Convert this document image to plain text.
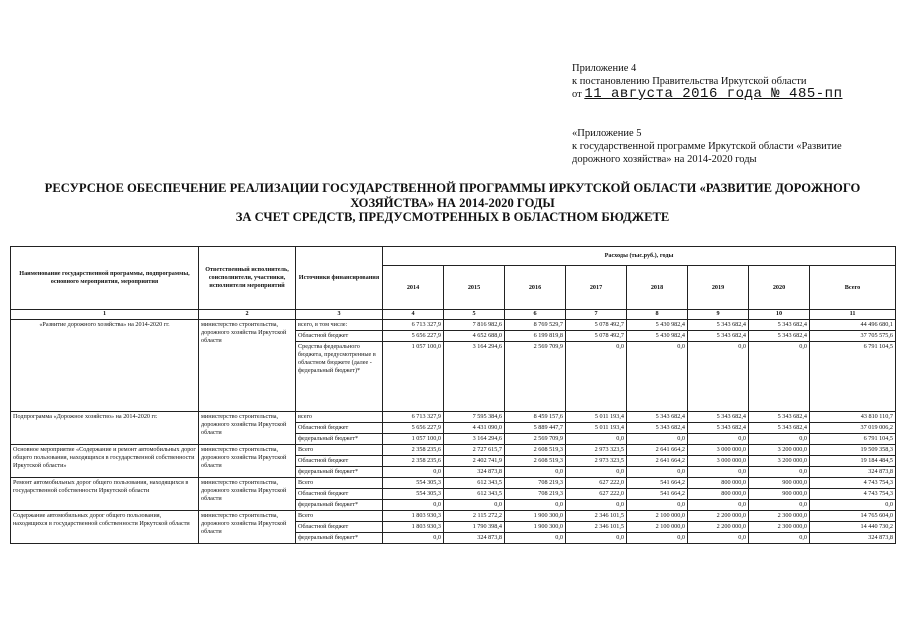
Приложение 4
к постановлению Правительства Иркутской области
от 11 августа 2016 года № 485-пп
«Приложение 5
к государственной программе Иркутской области «Развитие дорожного хозяйства» на 2014-2020 годы
РЕСУРСНОЕ ОБЕСПЕЧЕНИЕ РЕАЛИЗАЦИИ ГОСУДАРСТВЕННОЙ ПРОГРАММЫ ИРКУТСКОЙ ОБЛАСТИ «РАЗВИТИЕ ДОРОЖНОГО
ХОЗЯЙСТВА» НА 2014-2020 ГОДЫ
ЗА СЧЕТ СРЕДСТВ, ПРЕДУСМОТРЕННЫХ В ОБЛАСТНОМ БЮДЖЕТЕ
Наименование государственной программы, подпрограммы, основного мероприятия, мероприятия	Ответственный исполнитель, соисполнители, участники, исполнители мероприятий	Источники финансирования	Расходы (тыс.руб.), годы							
			2014	2015	2016	2017	2018	2019	2020	Всего
1	2	3	4	5	6	7	8	9	10	11
«Развитие дорожного хозяйства» на 2014-2020 гг.	министерство строительства, дорожного хозяйства Иркутской области	всего, в том числе:	6 713 327,9	7 816 982,6	8 769 529,7	5 078 492,7	5 430 982,4	5 343 682,4	5 343 682,4	44 496 680,1
		Областной бюджет	5 656 227,9	4 652 688,0	6 199 819,8	5 078 492,7	5 430 982,4	5 343 682,4	5 343 682,4	37 705 575,6
		Средства федерального бюджета, предусмотренные в областном бюджете (далее - федеральный бюджет)*	1 057 100,0	3 164 294,6	2 569 709,9	0,0	0,0	0,0	0,0	6 791 104,5
Подпрограмма «Дорожное хозяйство» на 2014-2020 гг.	министерство строительства, дорожного хозяйства Иркутской области	всего	6 713 327,9	7 595 384,6	8 459 157,6	5 011 193,4	5 343 682,4	5 343 682,4	5 343 682,4	43 810 110,7
		Областной бюджет	5 656 227,9	4 431 090,0	5 889 447,7	5 011 193,4	5 343 682,4	5 343 682,4	5 343 682,4	37 019 006,2
		федеральный бюджет*	1 057 100,0	3 164 294,6	2 569 709,9	0,0	0,0	0,0	0,0	6 791 104,5
Основное мероприятие «Содержание и ремонт автомобильных дорог общего пользования, находящихся в государственной собственности Иркутской области»	министерство строительства, дорожного хозяйства Иркутской области	Всего	2 358 235,6	2 727 615,7	2 608 519,3	2 973 323,5	2 641 664,2	3 000 000,0	3 200 000,0	19 509 358,3
		Областной бюджет	2 358 235,6	2 402 741,9	2 608 519,3	2 973 323,5	2 641 664,2	3 000 000,0	3 200 000,0	19 184 484,5
		федеральный бюджет*	0,0	324 873,8	0,0	0,0	0,0	0,0	0,0	324 873,8
Ремонт автомобильных дорог общего пользования, находящихся в государственной собственности Иркутской области	министерство строительства, дорожного хозяйства Иркутской области	Всего	554 305,3	612 343,5	708 219,3	627 222,0	541 664,2	800 000,0	900 000,0	4 743 754,3
		Областной бюджет	554 305,3	612 343,5	708 219,3	627 222,0	541 664,2	800 000,0	900 000,0	4 743 754,3
		федеральный бюджет*	0,0	0,0	0,0	0,0	0,0	0,0	0,0	0,0
Содержание автомобильных дорог общего пользования, находящихся в государственной собственности Иркутской области	министерство строительства, дорожного хозяйства Иркутской области	Всего	1 803 930,3	2 115 272,2	1 900 300,0	2 346 101,5	2 100 000,0	2 200 000,0	2 300 000,0	14 765 604,0
		Областной бюджет	1 803 930,3	1 790 398,4	1 900 300,0	2 346 101,5	2 100 000,0	2 200 000,0	2 300 000,0	14 440 730,2
		федеральный бюджет*	0,0	324 873,8	0,0	0,0	0,0	0,0	0,0	324 873,8
